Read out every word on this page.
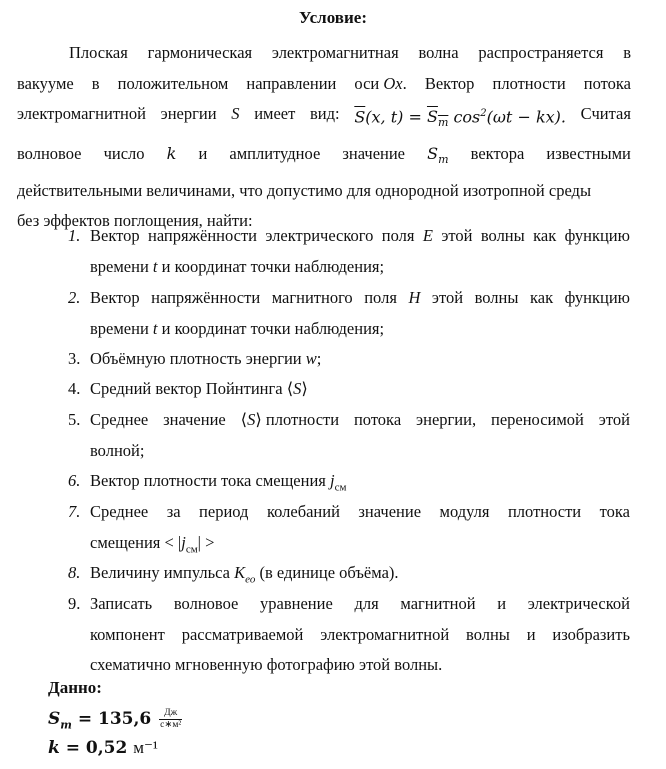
Условие:
Плоская гармоническая электромагнитная волна распространяется в
вакууме в положительном направлении оси Ox. Вектор плотности потока
электромагнитной энергии S имеет вид: $\overline{S}(x$, $t) = S_m$ $\cos^2(\omega t - kx)$. Считая
волновое число k и амплитудное значение $S_m$ вектора известными
действительными величинами, что допустимо для однородной изотропной среды
без эффектов поглощения, найти:
1. Вектор напряжённости электрического поля E этой волны как функцию
времени t и координат точки наблюдения;
2. Вектор напряжённости магнитного поля H этой волны как функцию
времени t и координат точки наблюдения;
3. Объёмную плотность энергии w;
4. Средний вектор Пойнтинга ⟨S⟩
5. Среднее значение ⟨S⟩ плотности потока энергии, переносимой этой
волной;
6. Вектор плотности тока смещения $j_{см}$
7. Среднее за период колебаний значение модуля плотности тока
смещения < $|j_{см}|$ >
8. Величину импульса $K_{ео}$ (в единице объёма).
9. Записать волновое уравнение для магнитной и электрической
компонент рассматриваемой электромагнитной волны и изобразить
схематично мгновенную фотографию этой волны.
Данно:
$S_m = 135,6 \frac{Дж}{\text{с∗м²}}$
k = 0,52 м⁻¹
